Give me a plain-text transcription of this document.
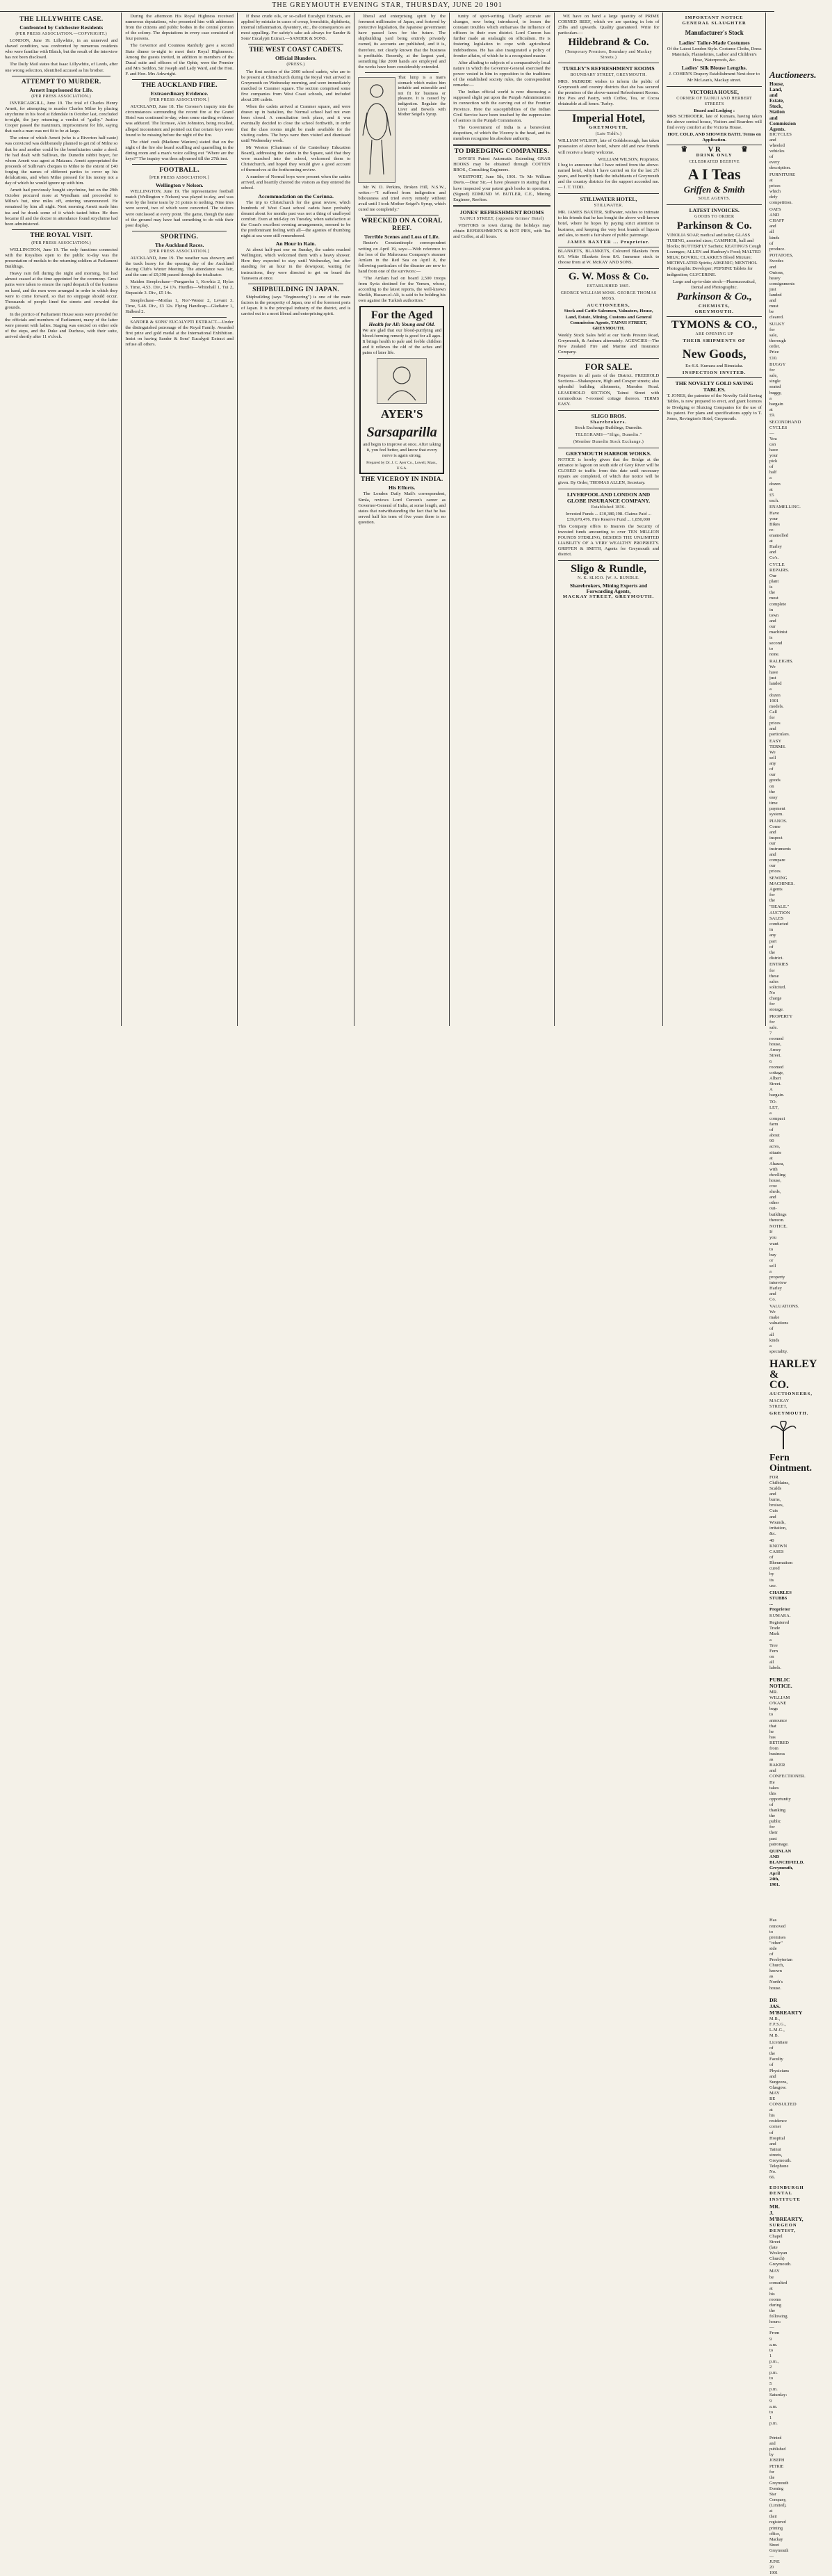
THE GREYMOUTH EVENING STAR, THURSDAY, JUNE 20 1901
THE LILLYWHITE CASE.
Confronted by Colchester Residents
(PER PRESS ASSOCIATION.—COPYRIGHT.)

LONDON, June 19. Lillywhite, in an unnerved and shaved condition, was confronted by numerous residents who were familiar with Blatch, but the result of the interview has not been disclosed.

The Daily Mail states that Isaac Lillywhite, of Leeds, after one wrong selection, identified accused as his brother.

ATTEMPT TO MURDER.
Arnett Imprisoned for Life.
(PER PRESS ASSOCIATION.)

INVERCARGILL, June 19. The trial of Charles Henry Arnett, for attempting to murder Charles Milne by placing strychnine in his food at Edendale in October last, concluded to-night, the jury returning a verdict of "guilty." Justice Cooper passed the maximum, imprisonment for life, saying that such a man was not fit to be at large.

The crime of which Arnett (who is a Riverton half-caste) was convicted was deliberately planned to get rid of Milne so that he and another could be the beneficiaries under a deed. He had dealt with Sullivan, the Dunedin rabbit buyer, for whom Arnett was agent at Mataura. Arnett appropriated the proceeds of Sullivan's cheques to Milne to the extent of £40 forging the names of different parties to cover up his defalcations, and when Milne pressed for his money not a day of which he would ignore up with him.

Arnett had previously bought strychnine, but on the 29th October procured more at Wyndham and proceeded to Milne's hut, nine miles off, entering unannounced. He remained by him all night. Next morning Arnett made him tea and he drank some of it which tasted bitter. He then became ill and the doctor in attendance found strychnine had been administered.

THE ROYAL VISIT.
(PER PRESS ASSOCIATION.)

WELLINGTON, June 19. The only functions connected with the Royalties open to the public to-day was the presentation of medals to the returning soldiers at Parliament Buildings.

Heavy rain fell during the night and morning, but had almost ceased at the time appointed for the ceremony. Great pains were taken to ensure the rapid despatch of the business on hand, and the men were arranged in order in which they were to come forward, so that no stoppage should occur. Thousands of people lined the streets and crowded the grounds.

In the portico of Parliament House seats were provided for the officials and members of Parliament, many of the latter were present with ladies. Staging was erected on either side of the steps, and the Duke and Duchess, with their suite, arrived shortly after 11 o'clock.

During the afternoon His Royal Highness received numerous deputations, who presented him with addresses from the citizens and public bodies in the central portion of the colony. The deputations in every case consisted of four persons.

The Governor and Countess Ranfurly gave a second State dinner to-night to meet their Royal Highnesses. Among the guests invited, in addition to members of the Ducal suite and officers of the Ophir, were the Premier and Mrs Seddon, Sir Joseph and Lady Ward, and the Hon. F. and Hon. Mrs Arkwright.

THE AUCKLAND FIRE.
Extraordinary Evidence.
[PER PRESS ASSOCIATION.]

AUCKLAND, June 18. The Coroner's inquiry into the circumstances surrounding the recent fire at the Grand Hotel was continued to-day, when some startling evidence was adduced. The licensee, Alex Johnston, being recalled, alleged inconsistent and pointed out that certain keys were found to be missing before the night of the fire.

The chief cook (Madame Wanters) stated that on the night of the fire she heard scuffling and quarrelling in the dining room and a man's voice calling out "Where are the keys?" The inquiry was then adjourned till the 27th inst.

FOOTBALL.
[PER PRESS ASSOCIATION.]
Wellington v Nelson.

WELLINGTON, June 19. The representative football match (Wellington v Nelson) was played to-day, and was won by the home team by 31 points to nothing. Nine tries were scored, two of which were converted. The visitors were outclassed at every point. The game, though the state of the ground may have had something to do with their poor display.

SPORTING.
The Auckland Races.
[PER PRESS ASSOCIATION.]

AUCKLAND, June 19. The weather was showery and the track heavy for the opening day of the Auckland Racing Club's Winter Meeting. The attendance was fair, and the sum of £9,398 passed through the totalisator.

Maiden Steeplechase—Pungarehu 1, Kowhia 2, Hylas 3. Time, 4.53. Div., £4 17s. Hurdles—Whitehall 1, Tui 2, Stepaside 3. Div., £5 14s.

Steeplechase—Moifaa 1, Nor'-Wester 2, Levant 3. Time, 5.48. Div., £3 12s. Flying Handicap—Gladiator 1, Halberd 2.

SANDER & SONS' EUCALYPTI EXTRACT.—Under the distinguished patronage of the Royal Family. Awarded first prize and gold medal at the International Exhibition. Insist on having Sander & Sons' Eucalypti Extract and refuse all others.

If these crude oils, or so-called Eucalypti Extracts, are applied by mistake in cases of croup, bronchitis, diphtheria, internal inflammation, dysentery, etc., the consequences are most appalling. For safety's sake ask always for Sander & Sons' Eucalypti Extract.—SANDER & SONS.

THE WEST COAST CADETS.
Official Blunders.
(PRESS.)

The first section of the 2000 school cadets, who are to be present at Christchurch during the Royal visit arrived in Greymouth on Wednesday morning, and were immediately marched to Cranmer square. The section comprised some five companies from West Coast schools, and included about 200 cadets.

When the cadets arrived at Cranmer square, and were drawn up in battalion, the Normal school had not even been closed. A consultation took place, and it was eventually decided to close the school forthwith, in order that the class rooms might be made available for the visiting cadets. The boys were then visited and dismissed until Wednesday week.

Mr Weston (Chairman of the Canterbury Education Board), addressing the cadets in the Square, said that they were marched into the school, welcomed them to Christchurch, and hoped they would give a good account of themselves at the forthcoming review.

A number of Normal boys were present when the cadets arrived, and heartily cheered the visitors as they entered the school.

Accommodation on the Corinna.

The trip to Christchurch for the great review, which hundreds of West Coast school cadets have probably dreamt about for months past was not a thing of unalloyed comfort. Even at mid-day on Tuesday, when satisfaction at the Coast's excellent evening arrangements, seemed to be the predominant feeling with all—the agonies of thumbing night at sea were still remembered.

An Hour in Rain.

At about half-past one on Sunday, the cadets reached Wellington, which welcomed them with a heavy shower. Here they expected to stay until Wednesday, but after standing for an hour in the downpour, waiting for instructions, they were directed to get on board the Tarawera at once.

SHIPBUILDING IN JAPAN.

Shipbuilding (says "Engineering") is one of the main factors in the prosperity of Japan, one of the foremost ports of Japan. It is the principal industry of the district, and is carried out in a most liberal and enterprising spirit.

liberal and enterprising spirit by the foremost millionaire of Japan, and fostered by protective legislation, the Japanese government have passed laws for the future. The shipbuilding yard being entirely privately owned, its accounts are published, and it is, therefore, not clearly known that the business is profitable. Recently, at the largest yard, something like 2000 hands are employed and the works have been considerably extended.

That lump is a man's stomach which makes him irritable and miserable and not fit for business or pleasure. It is caused by indigestion. Regulate the Liver and Bowels with Mother Seigel's Syrup.

Mr W. D. Perkins, Broken Hill, N.S.W., writes:—"I suffered from indigestion and biliousness and tried every remedy without avail until I took Mother Seigel's Syrup, which cured me completely."

WRECKED ON A CORAL REEF.
Terrible Scenes and Loss of Life.

Reuter's Constantinople correspondent writing on April 19, says:—With reference to the loss of the Mahroussa Company's steamer Arnlam in the Red Sea on April 8, the following particulars of the disaster are now to hand from one of the survivors:—

"The Arnlam had on board 2,500 troops from Syria destined for the Yemen, whose, according to the latest reports, the well-known Sheikh, Hassan-el-Ali, is said to be holding his own against the Turkish authorities."

For the Aged
Health for All: Young and Old.

We are glad that our blood-purifying and blood-forming remedy is good for all ages. It brings health to pale and feeble children and it relieves the old of the aches and pains of later life.

AYER'S
Sarsaparilla

and begin to improve at once. After taking it, you feel better, and know that every nerve is again strong.

Prepared by Dr. J. C. Ayer Co., Lowell, Mass., U.S.A.
THE VICEROY IN INDIA.
His Efforts.

The London Daily Mail's correspondent, Simla, reviews Lord Curzon's career as Governor-General of India, at some length, and states that notwithstanding the fact that he has served half his term of five years there is no question.

tunity of sport-writing. Clearly accurate are changes, now being introduced, to lessen the constant troubles which embarrass the influence of officers in their own district. Lord Curzon has further made an onslaught on officialism. He is fostering legislation to cope with agricultural indebtedness. He has also inaugurated a policy of frontier affairs, of which he is a recognised master.

After alluding to subjects of a comparatively local nature in which the Governor-General exercised the power vested in him in opposition to the traditions of the established society rules, the correspondent remarks:—

The Indian official world is now discussing a supposed slight put upon the Punjab Administration in connection with the carving out of the Frontier Province. Here the susceptibilities of the Indian Civil Service have been touched by the suppression of seniors in the Punjab Commission.

The Government of India is a benevolent despotism, of which the Viceroy is the head, and its members recognise his absolute authority.

TO DREDGING COMPANIES.

DAVIS'S Patent Automatic Extending GRAB HOOKS may be obtained through COTTEN BROS., Consulting Engineers.

WESTPORT, June 5th, 1901. To Mr William Davis.—Dear Sir,—I have pleasure in stating that I have inspected your patent grab hooks in operation. (Signed) EDMUND W. BUTLER, C.E., Mining Engineer, Reefton.

JONES' REFRESHMENT ROOMS
TAINUI STREET, (opposite Grimes' Hotel)

VISITORS to town during the holidays may obtain REFRESHMENTS & HOT PIES, with Tea and Coffee, at all hours.

WE have on hand a large quantity of PRIME CORNED BEEF, which we are quoting in lots of 25lbs and upwards. Quality guaranteed. Write for particulars.—

Hildebrand & Co.
(Temporary Premises, Boundary and Mackay Streets.)
TURLEY'S REFRESHMENT ROOMS
BOUNDARY STREET, GREYMOUTH.

MRS. McBRIDE wishes to inform the public of Greymouth and country districts that she has secured the premises of the above-named Refreshment Rooms. Hot Pies and Pastry, with Coffee, Tea, or Cocoa obtainable at all hours. Turley.

Imperial Hotel,
GREYMOUTH,
(Late Tidd's.)

WILLIAM WILSON, late of Goldsborough, has taken possession of above hotel, where old and new friends will receive a hearty welcome.

WILLIAM WILSON, Proprietor.

I beg to announce that I have retired from the above-named hotel, which I have carried on for the last 2½ years, and heartily thank the inhabitants of Greymouth and the country districts for the support accorded me. — J. T. TIDD.

STILLWATER HOTEL,
STILLWATER.

MR. JAMES BAXTER, Stillwater, wishes to intimate to his friends that he has bought the above well-known hotel, where he hopes by paying strict attention to business, and keeping the very best brands of liquors and ales, to merit a fair share of public patronage.

JAMES BAXTER ... Proprietor.

BLANKETS, BLANKETS, Coloured Blankets from 6/6. White Blankets from 8/6. Immense stock to choose from at W. McKAY AND SONS.

G. W. Moss & Co.
ESTABLISHED 1865.
GEORGE WILLIAM MOSS. GEORGE THOMAS MOSS.
AUCTIONEERS,

Stock and Cattle Salesmen, Valuators, House, Land, Estate, Mining, Customs and General Commission Agents, TAINUI STREET, GREYMOUTH.

Weekly Stock Sales held at our Yards Preston Road, Greymouth, & Arahura alternately. AGENCIES—The New Zealand Fire and Marine and Insurance Company.

FOR SALE.

Properties in all parts of the District. FREEHOLD Sections—Shakespeare, High and Cowper streets; also splendid building allotments, Marsden Road. LEASEHOLD SECTION, Tainui Street with commodious 7-roomed cottage thereon. TERMS EASY.

SLIGO BROS.
Sharebrokers.

Stock Exchange Buildings, Dunedin.

TELEGRAMS—"Sligo, Dunedin."
(Member Dunedin Stock Exchange.)
GREYMOUTH HARBOR WORKS.

NOTICE is hereby given that the Bridge at the entrance to lagoon on south side of Grey River will be CLOSED to traffic from this date until necessary repairs are completed, of which due notice will be given. By Order, THOMAS ALLEN, Secretary.

LIVERPOOL AND LONDON AND GLOBE INSURANCE COMPANY.
Established 1836.

Invested Funds ... £10,380,198. Claims Paid ... £39,670,476. Fire Reserve Fund ... 1,850,000

This Company offers to Insurers the Security of invested funds amounting to over TEN MILLION POUNDS STERLING, BESIDES THE UNLIMITED LIABILITY OF A VERY WEALTHY PROPRIETY. GRIFFEN & SMITH, Agents for Greymouth and district.

Sligo & Rundle,
N. K. SLIGO. [W. A. RUNDLE.
Sharebrokers, Mining Experts and Forwarding Agents,
MACKAY STREET, GREYMOUTH.
IMPORTANT NOTICE
GENERAL SLAUGHTER
Manufacturer's Stock
Ladies' Tailor-Made Costumes

Of the Latest London Style. Costume Cloths, Dress Materials, Flannelettes, Ladies' and Children's Hose, Waterproofs, &c.

Ladies' Silk Blouse Lengths.

J. COHEN'S Drapery Establishment Next door to Mr McLean's, Mackay street.

VICTORIA HOUSE,
CORNER OF TAINUI AND HERBERT STREETS
Board and Lodging :

MRS SCHRODER, late of Kumara, having taken the above central house, Visitors and Boarders will find every comfort at the Victoria House.

HOT, COLD, AND SHOWER BATH. Terms on Application.
♛	V R	♛
DRINK ONLY
CELEBRATED BEEHIVE
A I Teas
Griffen & Smith
SOLE AGENTS.
LATEST INVOICES.
GOODS TO ORDER
Parkinson & Co.

VINOLIA SOAP, medical and toilet; GLASS TUBING, assorted sizes; CAMPHOR, ball and blocks; BUTTERFLY Sachets; KEATING'S Cough Lozenges; ALLEN and Hanbury's Food; MALTED MILK; BOVRIL; CLARKE'S Blood Mixture; METHYLATED Spirits; ARSENIC; MENTHOL Photographic Developer; PEPSINE Tablets for indigestion; GLYCERINE.

Large and up-to-date stock—Pharmaceutical, Dental and Photographic.

Parkinson & Co.,
CHEMISTS,
GREYMOUTH.
TYMONS & CO.,
ARE OPENING UP
THEIR SHIPMENTS OF
New Goods,

Ex-S.S. Kumara and Rimutaka.

INSPECTION INVITED.
THE NOVELTY GOLD SAVING TABLES.

T. JONES, the patentee of the Novelty Gold Saving Tables, is now prepared to erect, and grant licences to Dredging or Sluicing Companies for the use of his patent. For plans and specifications apply to T. Jones, Revington's Hotel, Greymouth.

HARLEY & CO.
Auctioneers.
House, Land, and Estate, Stock, Station and Commission Agents.

BICYCLES and wheeled vehicles of every description.

FURNITURE at prices which defy competition.

OATS AND CHAFF and all kinds of produce.

POTATOES, Swedes and Onions, heavy consignments just landed and must be cleared.

SULKY for sale, thorough order. Price £10.

BUGGY for sale, single seated buggy, a bargain at £9.

SECONDHAND CYCLES—You can have your pick of half a dozen at £5 each.

ENAMELLING. Have your Bikes re-enamelled at Harley and Co's.

CYCLE REPAIRS. Our plant is the most complete in town and our machinist is second to none.

RALEIGHS. We have just landed a dozen 1901 models. Call for prices and particulars.

EASY TERMS. We sell any of our goods on the easy time payment system.

PIANOS. Come and inspect our instruments and compare our prices.

SEWING MACHINES. Agents for the "BEALE."

AUCTION SALES conducted in any part of the district.

ENTRIES for these sales solicited. No charge for storage.

PROPERTY for sale. 7 roomed house, Arney Street. 6 roomed cottage, Albert Street. A bargain.

TO-LET, a compact farm of about 90 acres, situate at Ahaura, with dwelling house, cow sheds, and other out-buildings thereon.

NOTICE. If you want to buy or sell a property interview Harley and Co.

VALUATIONS. We make valuations of all kinds a speciality.

HARLEY & CO.
AUCTIONEERS,
MACKAY STREET,
GREYMOUTH.
Fern Ointment.

FOR Chilblains, Scalds and burns, bruises, Cuts and Wounds, irritation, &c.

40 KNOWN CASES of Rheumatism cured by its use.

CHARLES STUBBS ... Proprietor
KUMARA.

Registered Trade Mark a Tree Fern on all labels.

PUBLIC NOTICE.

MR. WILLIAM O'KANE begs to announce that he has RETIRED from business as BAKER and CONFECTIONER. He takes this opportunity of thanking the public for their past patronage.

QUINLAN AND BLANCHFIELD. Greymouth, April 24th, 1901.
WEREYNOLDS
DENTIST

Has removed to premises "other" side of Presbyterian Church, known as North's house.

DR JAS. M'BREARTY
M.B., F.P.S.G., L.M.G., M.B.

Licentiate of the Faculty of Physicians and Surgeons, Glasgow. MAY BE CONSULTED at his residence corner of Hospital and Tainui streets, Greymouth. Telephone No. 66.

EDINBURGH DENTAL INSTITUTE
MR. J. M'BREARTY,
SURGEON DENTIST,

Chapel Street (late Wesleyan Church) Greymouth.

MAY be consulted at his rooms during the following hours:—From 9 a.m. to 1 p.m., 2 p.m. to 5 p.m. Saturday: 9 a.m. to 1 p.m.

Printed and published by JOSEPH PETRIE for the Greymouth Evening Star Company, (Limited), at their registered printing office, Mackay Street Greymouth — JUNE 20 1901
